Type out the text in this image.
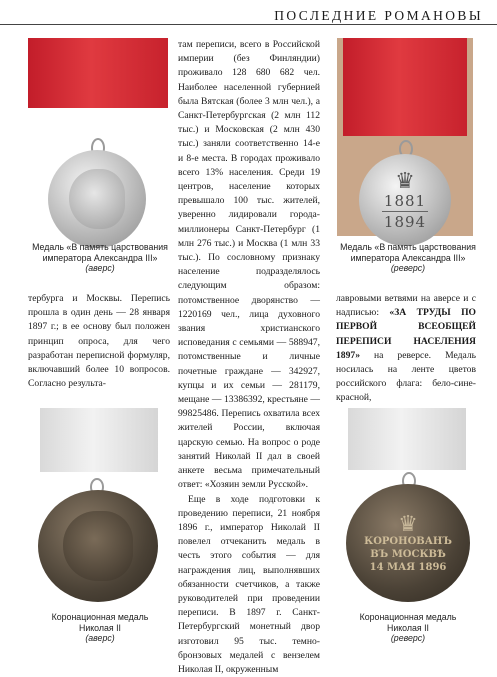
ПОСЛЕДНИЕ РОМАНОВЫ
Медаль «В память царствования
императора Александра III»
(аверс)
♛
1881
1894
Медаль «В память царствования
императора Александра III»
(реверс)
Коронационная медаль
Николая II
(аверс)
♛
КОРОНОВАНЪ
ВЪ МОСКВѢ
14 МАЯ 1896
Коронационная медаль
Николая II
(реверс)

тербурга и Москвы. Перепись прошла в один день — 28 января 1897 г.; в ее основу был положен принцип опроса, для чего разработан переписной формуляр, включавший более 10 вопросов. Согласно результа-

там переписи, всего в Российской империи (без Финляндии) проживало 128 680 682 чел. Наиболее населенной губернией была Вятская (более 3 млн чел.), а Санкт-Петербургская (2 млн 112 тыс.) и Московская (2 млн 430 тыс.) заняли соответственно 14-е и 8-е места. В городах проживало всего 13% населения. Среди 19 центров, население которых превышало 100 тыс. жителей, уверенно лидировали города-миллионеры Санкт-Петербург (1 млн 276 тыс.) и Москва (1 млн 33 тыс.). По сословному признаку население подразделялось следующим образом: потомственное дворянство — 1220169 чел., лица духовного звания христианского исповедания с семьями — 588947, потомственные и личные почетные граждане — 342927, купцы и их семьи — 281179, мещане — 13386392, крестьяне — 99825486. Перепись охватила всех жителей России, включая царскую семью. На вопрос о роде занятий Николай II дал в своей анкете весьма примечательный ответ: «Хозяин земли Русской».

Еще в ходе подготовки к проведению переписи, 21 ноября 1896 г., император Николай II повелел отчеканить медаль в честь этого события — для награждения лиц, выполнявших обязанности счетчиков, а также руководителей при проведении переписи. В 1897 г. Санкт-Петербургский монетный двор изготовил 95 тыс. темно-бронзовых медалей с вензелем Николая II, окруженным

лавровыми ветвями на аверсе и с надписью: «ЗА ТРУДЫ ПО ПЕРВОЙ ВСЕОБЩЕЙ ПЕРЕПИСИ НАСЕЛЕНИЯ 1897» на реверсе. Медаль носилась на ленте цветов российского флага: бело-сине-красной,
